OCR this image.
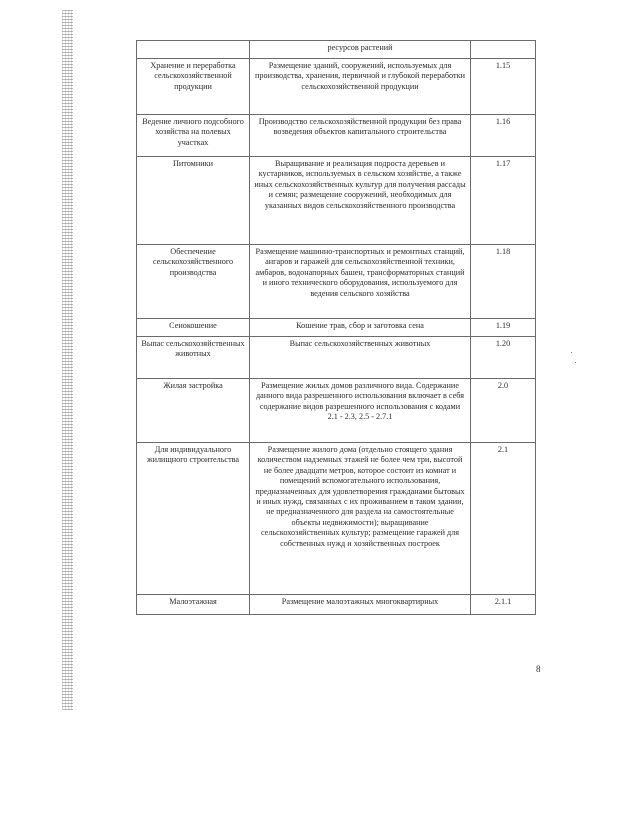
	ресурсов растений	
Хранение и переработка сельскохозяйственной продукции	Размещение зданий, сооружений, используемых для производства, хранения, первичной и глубокой переработки сельскохозяйственной продукции	1.15
Ведение личного подсобного хозяйства на полевых участках	Производство сельскохозяйственной продукции без права возведения объектов капитального строительства	1.16
Питомники	Выращивание и реализация подроста деревьев и кустарников, используемых в сельском хозяйстве, а также иных сельскохозяйственных культур для получения рассады и семян; размещение сооружений, необходимых для указанных видов сельскохозяйственного производства	1.17
Обеспечение сельскохозяйственного производства	Размещение машинно-транспортных и ремонтных станций, ангаров и гаражей для сельскохозяйственной техники, амбаров, водонапорных башен, трансформаторных станций и иного технического оборудования, используемого для ведения сельского хозяйства	1.18
Сенокошение	Кошение трав, сбор и заготовка сена	1.19
Выпас сельскохозяйственных животных	Выпас сельскохозяйственных животных	1.20
Жилая застройка	Размещение жилых домов различного вида. Содержание данного вида разрешенного использования включает в себя содержание видов разрешенного использования с кодами 2.1 - 2.3, 2.5 - 2.7.1	2.0
Для индивидуального жилищного строительства	Размещение жилого дома (отдельно стоящего здания количеством надземных этажей не более чем три, высотой не более двадцати метров, которое состоит из комнат и помещений вспомогательного использования, предназначенных для удовлетворения гражданами бытовых и иных нужд, связанных с их проживанием в таком здании, не предназначенного для раздела на самостоятельные объекты недвижимости); выращивание сельскохозяйственных культур; размещение гаражей для собственных нужд и хозяйственных построек	2.1
Малоэтажная	Размещение малоэтажных многоквартирных	2.1.1
8
